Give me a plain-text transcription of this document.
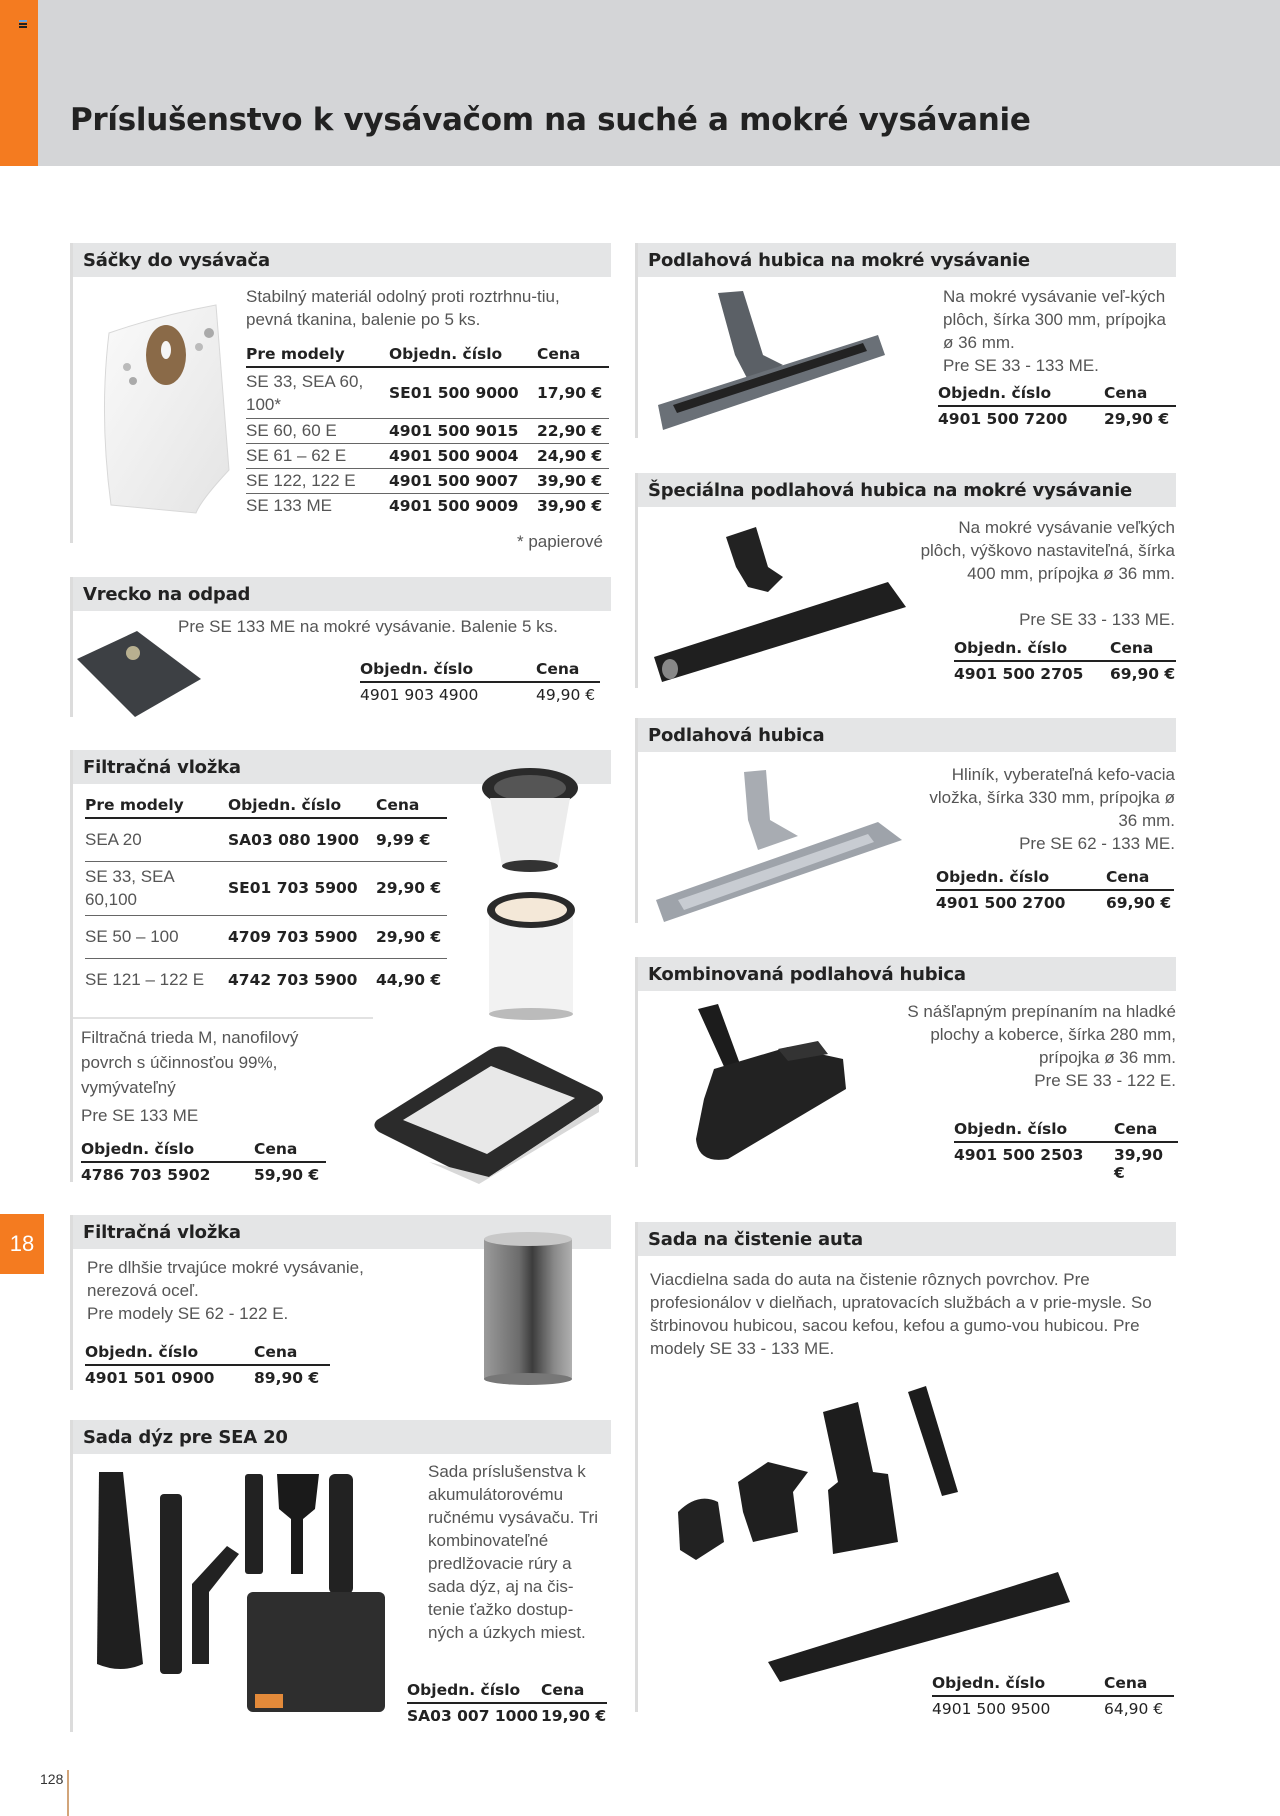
Príslušenstvo k vysávačom na suché a mokré vysávanie
18
128
Sáčky do vysávača
Stabilný materiál odolný proti roztrhnu-tiu, pevná tkanina, balenie po 5 ks.
Pre modely	Objedn. číslo	Cena
SE 33, SEA 60, 100*	SE01 500 9000	17,90 €
SE 60, 60 E	4901 500 9015	22,90 €
SE 61 – 62 E	4901 500 9004	24,90 €
SE 122, 122 E	4901 500 9007	39,90 €
SE 133 ME	4901 500 9009	39,90 €
* papierové
Vrecko na odpad
Pre SE 133 ME na mokré vysávanie. Balenie 5 ks.
Objedn. číslo	Cena
4901 903 4900	49,90 €
Filtračná vložka
Pre modely	Objedn. číslo	Cena
SEA 20	SA03 080 1900	9,99 €
SE 33, SEA 60,100	SE01 703 5900	29,90 €
SE 50 – 100	4709 703 5900	29,90 €
SE 121 – 122 E	4742 703 5900	44,90 €
Filtračná trieda M, nanofilový povrch s účinnosťou 99%, vymývateľný
Pre SE 133 ME
Objedn. číslo	Cena
4786 703 5902	59,90 €
Filtračná vložka
Pre dlhšie trvajúce mokré vysávanie, nerezová oceľ.
Pre modely SE 62 - 122 E.
Objedn. číslo	Cena
4901 501 0900	89,90 €
Sada dýz pre SEA 20
Sada príslušenstva k akumulátorovému ručnému vysávaču. Tri kombinovateľné predlžovacie rúry a sada dýz, aj na čis-tenie ťažko dostup-ných a úzkych miest.
Objedn. číslo Cena
SA03 007 1000 19,90 €
Podlahová hubica na mokré vysávanie
Na mokré vysávanie veľ-kých plôch, šírka 300 mm, prípojka ø 36 mm.
Pre SE 33 - 133 ME.
Objedn. číslo	Cena
4901 500 7200 29,90 €
Špeciálna podlahová hubica na mokré vysávanie
Na mokré vysávanie veľkých plôch, výškovo nastaviteľná, šírka 400 mm, prípojka ø 36 mm.
Pre SE 33 - 133 ME.
Objedn. číslo	Cena
4901 500 2705 69,90 €
Podlahová hubica
Hliník, vyberateľná kefo-vacia vložka, šírka 330 mm, prípojka ø 36 mm.
Pre SE 62 - 133 ME.
Objedn. číslo	Cena
4901 500 2700	69,90 €
Kombinovaná podlahová hubica
S nášľapným prepínaním na hladké plochy a koberce, šírka 280 mm, prípojka ø 36 mm.
Pre SE 33 - 122 E.
Objedn. číslo	Cena
4901 500 2503 39,90 €
Sada na čistenie auta
Viacdielna sada do auta na čistenie rôznych povrchov. Pre profesionálov v dielňach, upratovacích službách a v prie-mysle. So štrbinovou hubicou, sacou kefou, kefou a gumo-vou hubicou. Pre modely SE 33 - 133 ME.
Objedn. číslo	Cena
4901 500 9500	64,90 €
